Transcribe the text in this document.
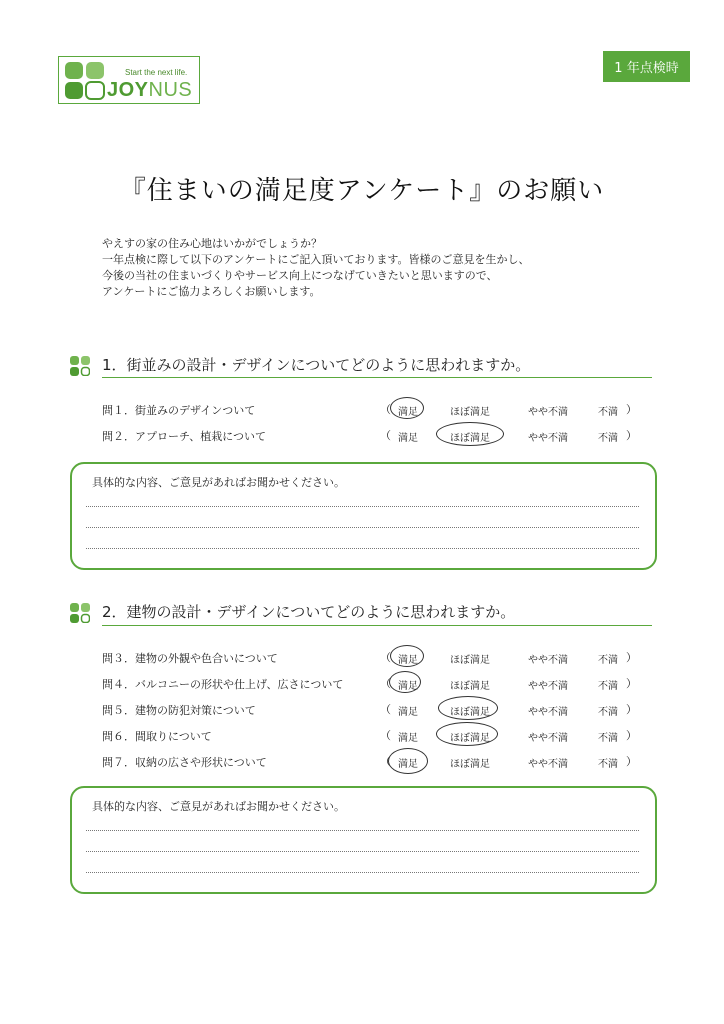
Start the next life.
JOYNUS
1 年点検時
『住まいの満足度アンケート』のお願い
やえすの家の住み心地はいかがでしょうか？
一年点検に際して以下のアンケートにご記入頂いております。皆様のご意見を生かし、
今後の当社の住まいづくりやサービス向上につなげていきたいと思いますので、
アンケートにご協力よろしくお願いします。
1．街並みの設計・デザインについてどのように思われますか。
問１．街並みのデザインついて	（ 満足	ほぼ満足	やや不満	不満 ）
問２．アプローチ、植栽について	（ 満足	ほぼ満足	やや不満	不満 ）
具体的な内容、ご意見があればお聞かせください。
2．建物の設計・デザインについてどのように思われますか。
問３．建物の外観や色合いについて	（ 満足	ほぼ満足	やや不満	不満 ）
問４．バルコニーの形状や仕上げ、広さについて	（ 満足	ほぼ満足	やや不満	不満 ）
問５．建物の防犯対策について	（ 満足	ほぼ満足	やや不満	不満 ）
問６．間取りについて	（ 満足	ほぼ満足	やや不満	不満 ）
問７．収納の広さや形状について	（ 満足	ほぼ満足	やや不満	不満 ）
具体的な内容、ご意見があればお聞かせください。
